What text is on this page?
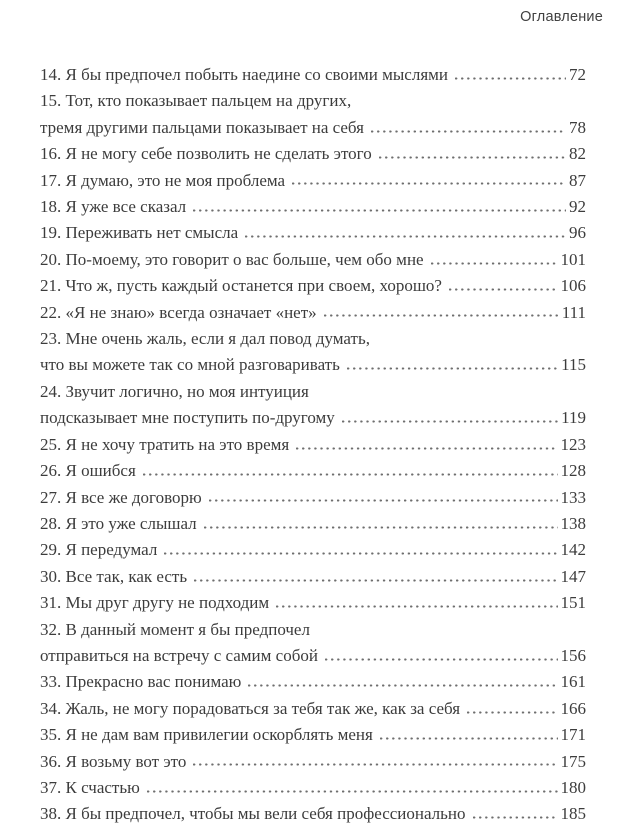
Оглавление
14. Я бы предпочел побыть наедине со своими мыслями	72
15. Тот, кто показывает пальцем на других,
тремя другими пальцами показывает на себя	78
16. Я не могу себе позволить не сделать этого	82
17. Я думаю, это не моя проблема	87
18. Я уже все сказал	92
19. Переживать нет смысла	96
20. По-моему, это говорит о вас больше, чем обо мне	101
21. Что ж, пусть каждый останется при своем, хорошо?	106
22. «Я не знаю» всегда означает «нет»	111
23. Мне очень жаль, если я дал повод думать,
что вы можете так со мной разговаривать	115
24. Звучит логично, но моя интуиция
подсказывает мне поступить по-другому	119
25. Я не хочу тратить на это время	123
26. Я ошибся	128
27. Я все же договорю	133
28. Я это уже слышал	138
29. Я передумал	142
30. Все так, как есть	147
31. Мы друг другу не подходим	151
32. В данный момент я бы предпочел
отправиться на встречу с самим собой	156
33. Прекрасно вас понимаю	161
34. Жаль, не могу порадоваться за тебя так же, как за себя	166
35. Я не дам вам привилегии оскорблять меня	171
36. Я возьму вот это	175
37. К счастью	180
38. Я бы предпочел, чтобы мы вели себя профессионально	185
